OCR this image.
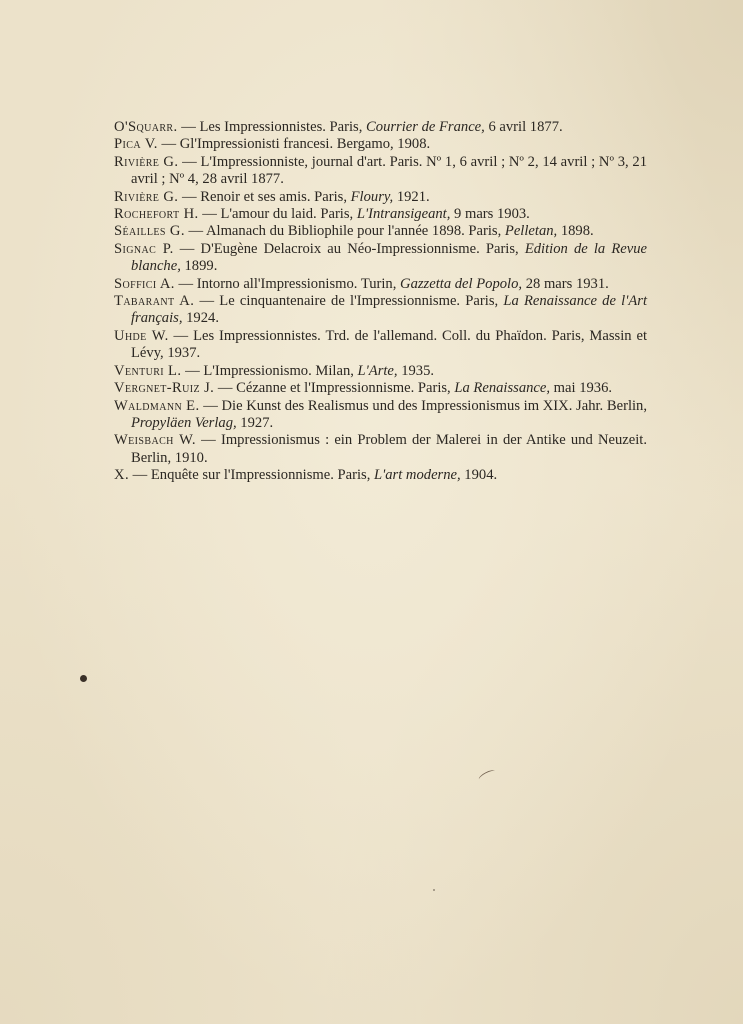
O'Squarr. — Les Impressionnistes. Paris, Courrier de France, 6 avril 1877.
Pica V. — Gl'Impressionisti francesi. Bergamo, 1908.
Rivière G. — L'Impressionniste, journal d'art. Paris. Nº 1, 6 avril ; Nº 2, 14 avril ; Nº 3, 21 avril ; Nº 4, 28 avril 1877.
Rivière G. — Renoir et ses amis. Paris, Floury, 1921.
Rochefort H. — L'amour du laid. Paris, L'Intransigeant, 9 mars 1903.
Séailles G. — Almanach du Bibliophile pour l'année 1898. Paris, Pelletan, 1898.
Signac P. — D'Eugène Delacroix au Néo-Impressionnisme. Paris, Edition de la Revue blanche, 1899.
Soffici A. — Intorno all'Impressionismo. Turin, Gazzetta del Popolo, 28 mars 1931.
Tabarant A. — Le cinquantenaire de l'Impressionnisme. Paris, La Renaissance de l'Art français, 1924.
Uhde W. — Les Impressionnistes. Trd. de l'allemand. Coll. du Phaïdon. Paris, Massin et Lévy, 1937.
Venturi L. — L'Impressionismo. Milan, L'Arte, 1935.
Vergnet-Ruiz J. — Cézanne et l'Impressionnisme. Paris, La Renaissance, mai 1936.
Waldmann E. — Die Kunst des Realismus und des Impressionismus im XIX. Jahr. Berlin, Propyläen Verlag, 1927.
Weisbach W. — Impressionismus : ein Problem der Malerei in der Antike und Neuzeit. Berlin, 1910.
X. — Enquête sur l'Impressionnisme. Paris, L'art moderne, 1904.
